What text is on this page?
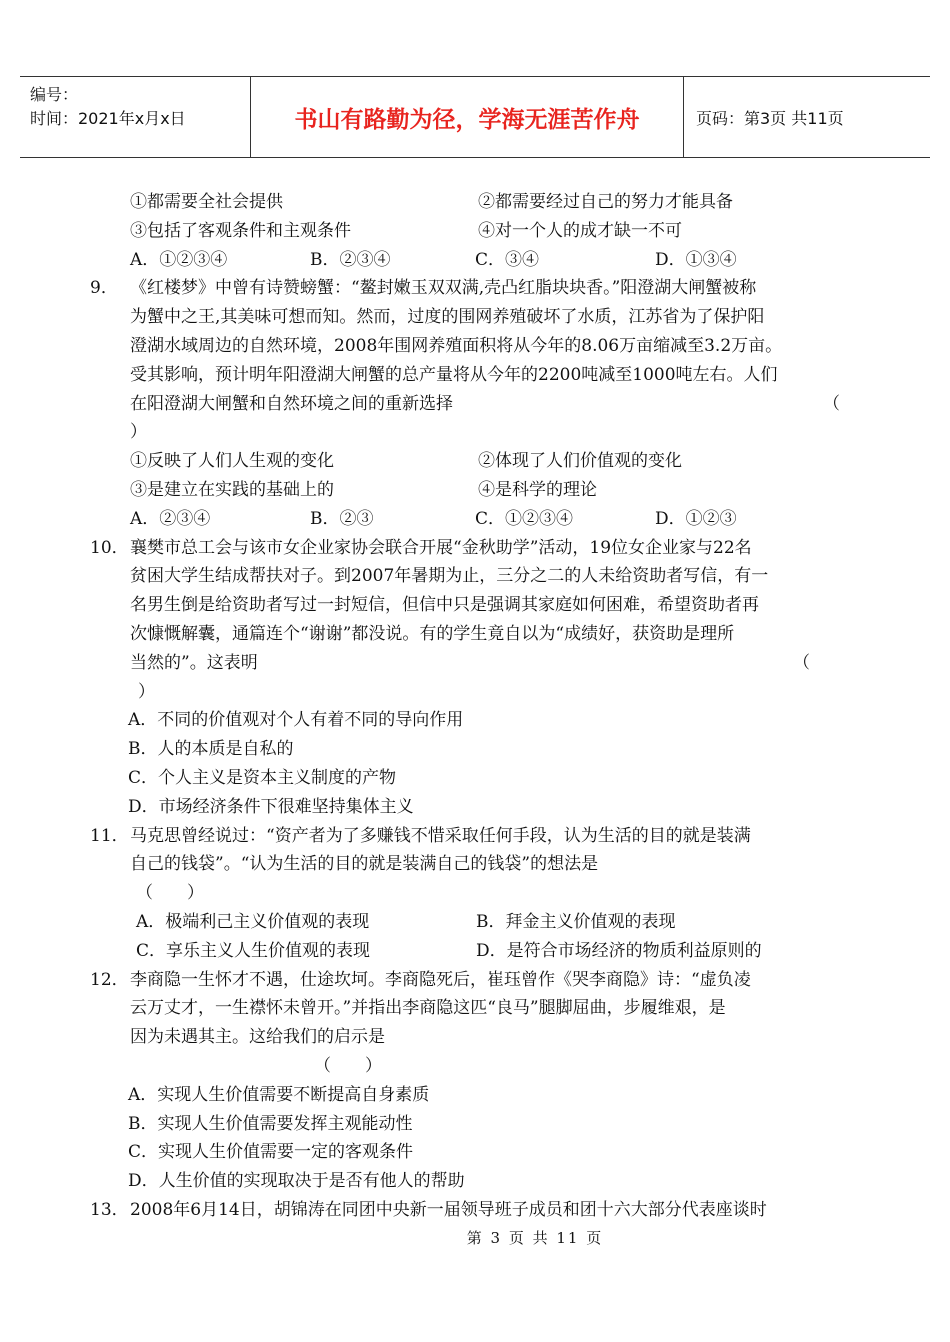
编号：
时间：2021年x月x日	书山有路勤为径，学海无涯苦作舟	页码：第3页 共11页
①都需要全社会提供	②都需要经过自己的努力才能具备
③包括了客观条件和主观条件	④对一个人的成才缺一不可
A．①②③④	B．②③④	C．③④	D．①③④
9． 《红楼梦》中曾有诗赞螃蟹：“鳌封嫩玉双双满,壳凸红脂块块香。”阳澄湖大闸蟹被称
为蟹中之王,其美味可想而知。然而，过度的围网养殖破坏了水质，江苏省为了保护阳
澄湖水域周边的自然环境，2008年围网养殖面积将从今年的8.06万亩缩减至3.2万亩。
受其影响，预计明年阳澄湖大闸蟹的总产量将从今年的2200吨减至1000吨左右。人们
在阳澄湖大闸蟹和自然环境之间的重新选择	（
）
①反映了人们人生观的变化	②体现了人们价值观的变化
③是建立在实践的基础上的	④是科学的理论
A．②③④	B．②③	C．①②③④	D．①②③
10． 襄樊市总工会与该市女企业家协会联合开展“金秋助学”活动，19位女企业家与22名
贫困大学生结成帮扶对子。到2007年暑期为止，三分之二的人未给资助者写信，有一
名男生倒是给资助者写过一封短信，但信中只是强调其家庭如何困难，希望资助者再
次慷慨解囊，通篇连个“谢谢”都没说。有的学生竟自以为“成绩好，获资助是理所
当然的”。这表明	（
）
A．不同的价值观对个人有着不同的导向作用
B．人的本质是自私的
C．个人主义是资本主义制度的产物
D．市场经济条件下很难坚持集体主义
11． 马克思曾经说过：“资产者为了多赚钱不惜采取任何手段，认为生活的目的就是装满
自己的钱袋”。“认为生活的目的就是装满自己的钱袋”的想法是
（　　）
A．极端利己主义价值观的表现	B．拜金主义价值观的表现
C．享乐主义人生价值观的表现	D．是符合市场经济的物质利益原则的
12． 李商隐一生怀才不遇，仕途坎坷。李商隐死后，崔珏曾作《哭李商隐》诗：“虚负凌
云万丈才，一生襟怀未曾开。”并指出李商隐这匹“良马”腿脚屈曲，步履维艰，是
因为未遇其主。这给我们的启示是
（　　）
A．实现人生价值需要不断提高自身素质
B．实现人生价值需要发挥主观能动性
C．实现人生价值需要一定的客观条件
D．人生价值的实现取决于是否有他人的帮助
13． 2008年6月14日，胡锦涛在同团中央新一届领导班子成员和团十六大部分代表座谈时
第 3 页 共 11 页
